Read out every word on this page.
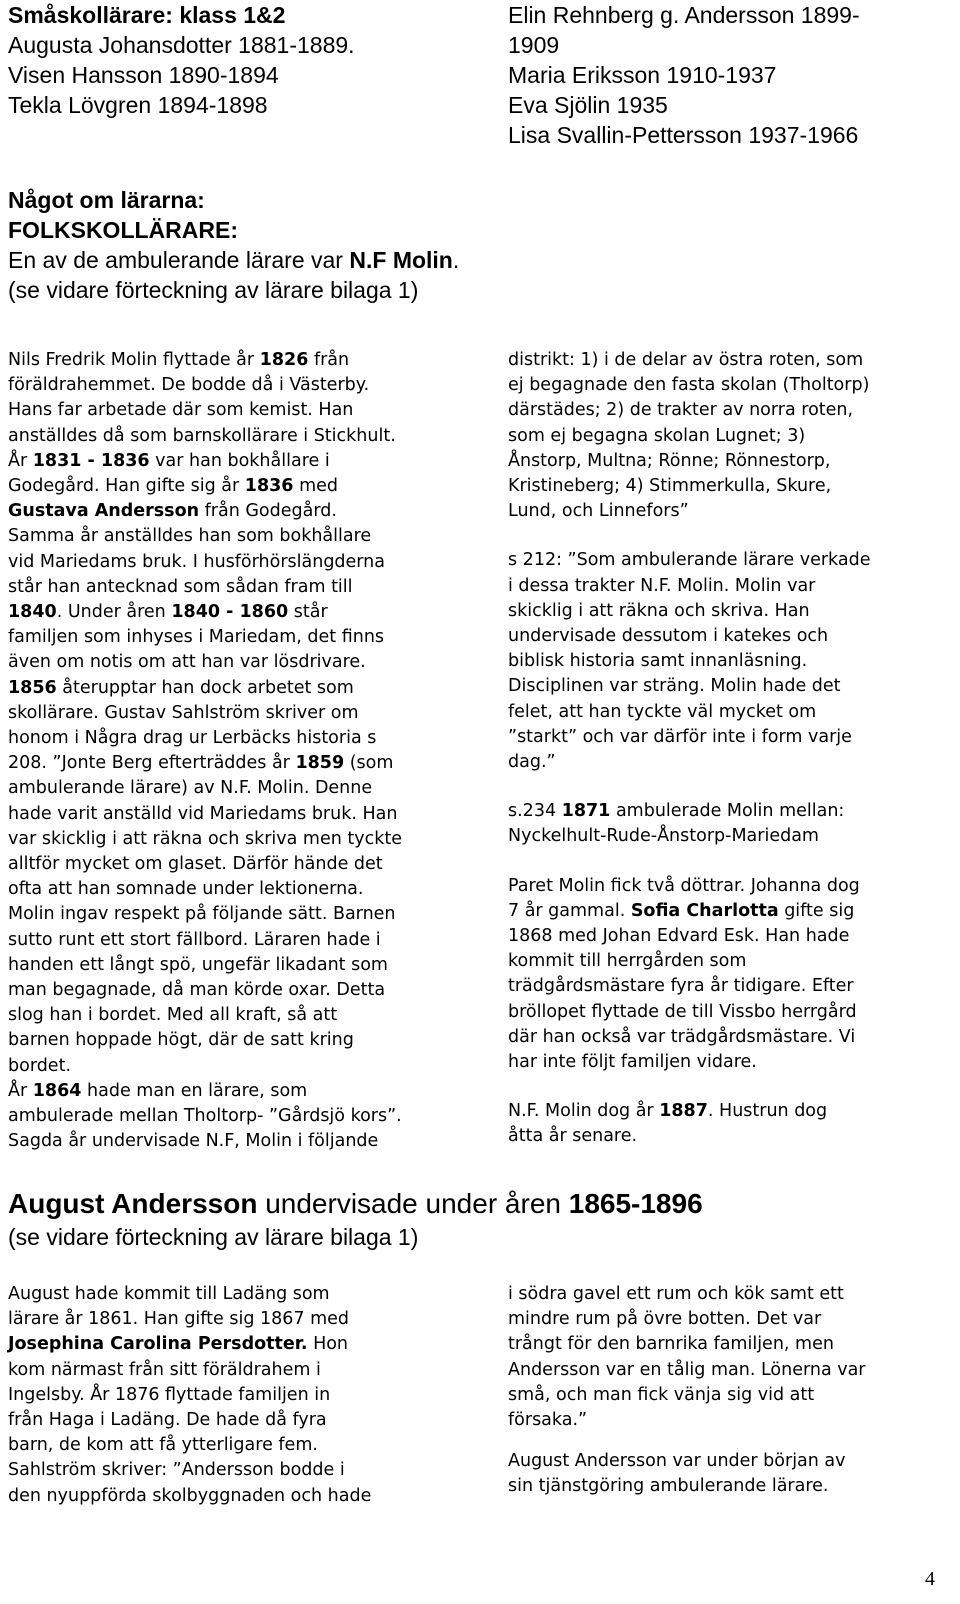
Småskollärare: klass 1&2
Augusta Johansdotter 1881-1889.
Visen Hansson 1890-1894
Tekla Lövgren 1894-1898
Elin Rehnberg g. Andersson 1899-
1909
Maria Eriksson 1910-1937
Eva Sjölin 1935
Lisa Svallin-Pettersson 1937-1966
Något om lärarna:
FOLKSKOLLÄRARE:
En av de ambulerande lärare var N.F Molin.
(se vidare förteckning av lärare bilaga 1)
Nils Fredrik Molin flyttade år 1826 från
föräldrahemmet. De bodde då i Västerby.
Hans far arbetade där som kemist. Han
anställdes då som barnskollärare i Stickhult.
År 1831 - 1836 var han bokhållare i
Godegård. Han gifte sig år 1836 med
Gustava Andersson från Godegård.
Samma år anställdes han som bokhållare
vid Mariedams bruk. I husförhörslängderna
står han antecknad som sådan fram till
1840. Under åren 1840 - 1860 står
familjen som inhyses i Mariedam, det finns
även om notis om att han var lösdrivare.
1856 återupptar han dock arbetet som
skollärare. Gustav Sahlström skriver om
honom i Några drag ur Lerbäcks historia s
208. ”Jonte Berg efterträddes år 1859 (som
ambulerande lärare) av N.F. Molin. Denne
hade varit anställd vid Mariedams bruk. Han
var skicklig i att räkna och skriva men tyckte
alltför mycket om glaset. Därför hände det
ofta att han somnade under lektionerna.
Molin ingav respekt på följande sätt. Barnen
sutto runt ett stort fällbord. Läraren hade i
handen ett långt spö, ungefär likadant som
man begagnade, då man körde oxar. Detta
slog han i bordet. Med all kraft, så att
barnen hoppade högt, där de satt kring
bordet.
År 1864 hade man en lärare, som
ambulerade mellan Tholtorp- ”Gårdsjö kors”.
Sagda år undervisade N.F, Molin i följande
distrikt: 1) i de delar av östra roten, som
ej begagnade den fasta skolan (Tholtorp)
därstädes; 2) de trakter av norra roten,
som ej begagna skolan Lugnet; 3)
Ånstorp, Multna; Rönne; Rönnestorp,
Kristineberg; 4) Stimmerkulla, Skure,
Lund, och Linnefors”
s 212: ”Som ambulerande lärare verkade
i dessa trakter N.F. Molin. Molin var
skicklig i att räkna och skriva. Han
undervisade dessutom i katekes och
biblisk historia samt innanläsning.
Disciplinen var sträng. Molin hade det
felet, att han tyckte väl mycket om
”starkt” och var därför inte i form varje
dag.”
s.234 1871 ambulerade Molin mellan:
Nyckelhult-Rude-Ånstorp-Mariedam
Paret Molin fick två döttrar. Johanna dog
7 år gammal. Sofia Charlotta gifte sig
1868 med Johan Edvard Esk. Han hade
kommit till herrgården som
trädgårdsmästare fyra år tidigare. Efter
bröllopet flyttade de till Vissbo herrgård
där han också var trädgårdsmästare. Vi
har inte följt familjen vidare.
N.F. Molin dog år 1887. Hustrun dog
åtta år senare.
August Andersson undervisade under åren 1865-1896
(se vidare förteckning av lärare bilaga 1)
August hade kommit till Ladäng som
lärare år 1861. Han gifte sig 1867 med
Josephina Carolina Persdotter. Hon
kom närmast från sitt föräldrahem i
Ingelsby. År 1876 flyttade familjen in
från Haga i Ladäng. De hade då fyra
barn, de kom att få ytterligare fem.
Sahlström skriver: ”Andersson bodde i
den nyuppförda skolbyggnaden och hade
i södra gavel ett rum och kök samt ett
mindre rum på övre botten. Det var
trångt för den barnrika familjen, men
Andersson var en tålig man. Lönerna var
små, och man fick vänja sig vid att
försaka.”
August Andersson var under början av
sin tjänstgöring ambulerande lärare.
4
